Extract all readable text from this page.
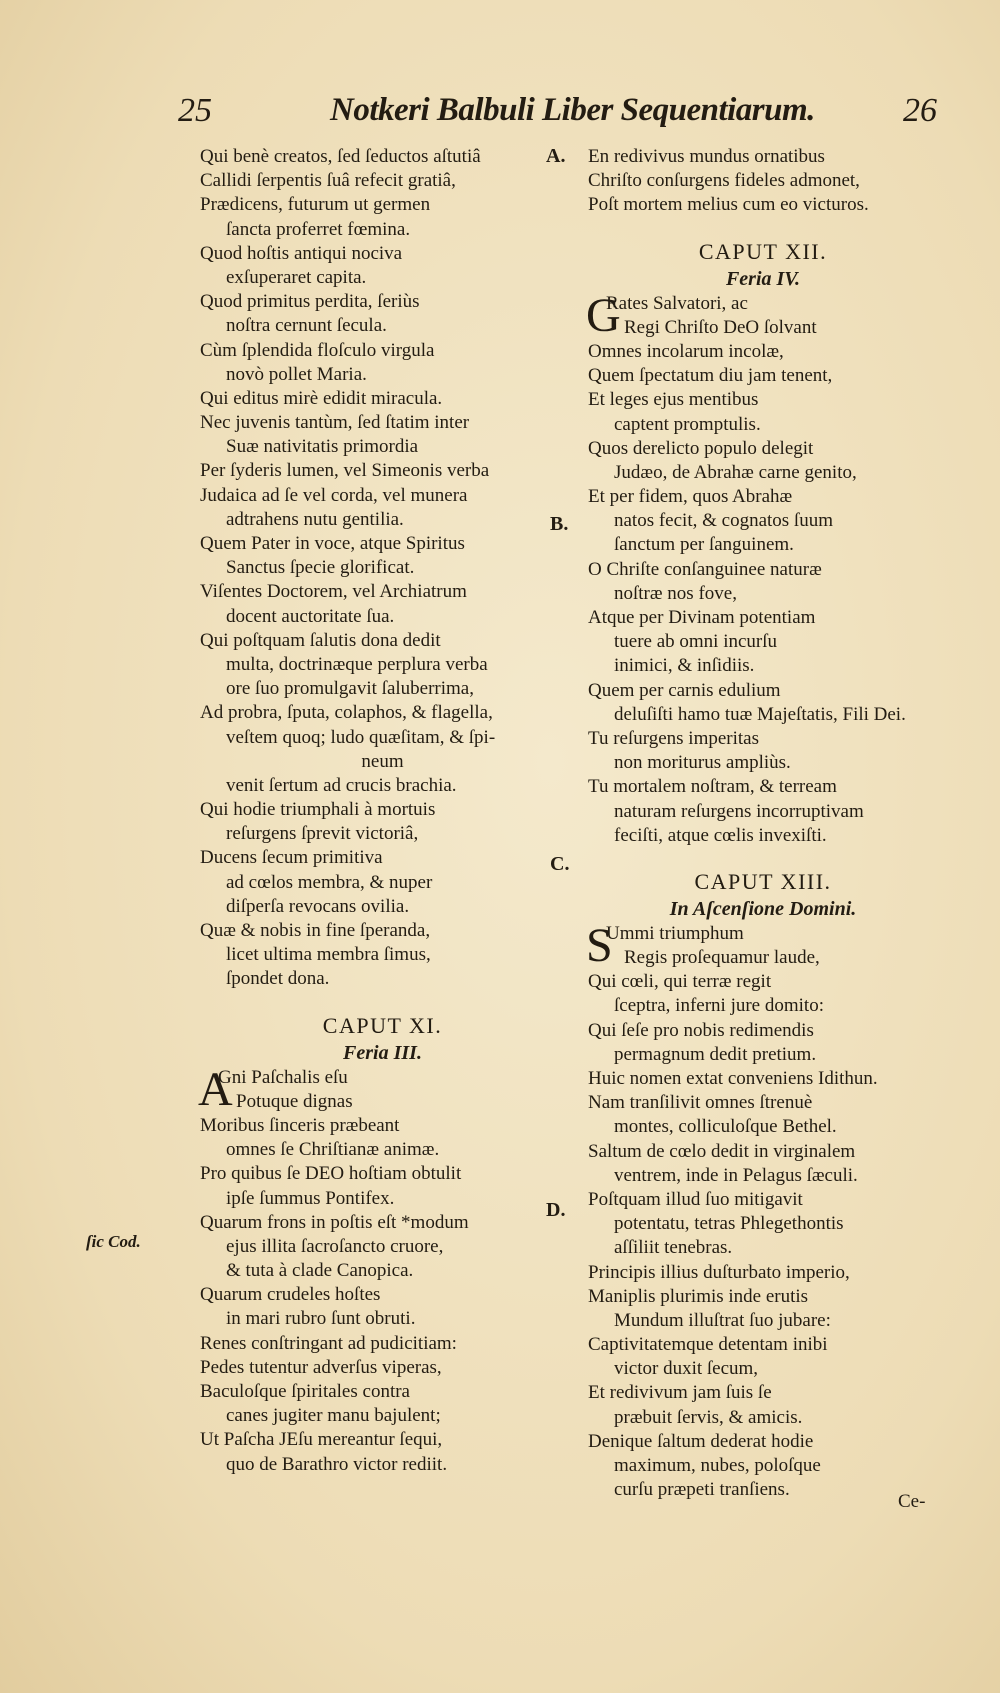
25	Notkeri Balbuli Liber Sequentiarum.	26
Qui benè creatos, ſed ſeductos aſtutiâ
Callidi ſerpentis ſuâ refecit gratiâ,
Prædicens, futurum ut germen
ſancta proferret fœmina.
Quod hoſtis antiqui nociva
exſuperaret capita.
Quod primitus perdita, ſeriùs
noſtra cernunt ſecula.
Cùm ſplendida floſculo virgula
novò pollet Maria.
Qui editus mirè edidit miracula.
Nec juvenis tantùm, ſed ſtatim inter
Suæ nativitatis primordia
Per ſyderis lumen, vel Simeonis verba
Judaica ad ſe vel corda, vel munera
adtrahens nutu gentilia.
Quem Pater in voce, atque Spiritus
Sanctus ſpecie glorificat.
Viſentes Doctorem, vel Archiatrum
docent auctoritate ſua.
Qui poſtquam ſalutis dona dedit
multa, doctrinæque perplura verba
ore ſuo promulgavit ſaluberrima,
Ad probra, ſputa, colaphos, & flagella,
veſtem quoq; ludo quæſitam, & ſpi-
neum
venit ſertum ad crucis brachia.
Qui hodie triumphali à mortuis
reſurgens ſprevit victoriâ,
Ducens ſecum primitiva
ad cœlos membra, & nuper
diſperſa revocans ovilia.
Quæ & nobis in fine ſperanda,
licet ultima membra ſimus,
ſpondet dona.
CAPUT XI.
Feria III.
A
Gni Paſchalis eſu
Potuque dignas
Moribus ſinceris præbeant
omnes ſe Chriſtianæ animæ.
Pro quibus ſe DEO hoſtiam obtulit
ipſe ſummus Pontifex.
Quarum frons in poſtis eſt *modum
ejus illita ſacroſancto cruore,
& tuta à clade Canopica.
Quarum crudeles hoſtes
in mari rubro ſunt obruti.
Renes conſtringant ad pudicitiam:
Pedes tutentur adverſus viperas,
Baculoſque ſpiritales contra
canes jugiter manu bajulent;
Ut Paſcha JEſu mereantur ſequi,
quo de Barathro victor rediit.
En redivivus mundus ornatibus
Chriſto conſurgens fideles admonet,
Poſt mortem melius cum eo victuros.
CAPUT XII.
Feria IV.
G
Rates Salvatori, ac
Regi Chriſto DeO ſolvant
Omnes incolarum incolæ,
Quem ſpectatum diu jam tenent,
Et leges ejus mentibus
captent promptulis.
Quos derelicto populo delegit
Judæo, de Abrahæ carne genito,
Et per fidem, quos Abrahæ
natos fecit, & cognatos ſuum
ſanctum per ſanguinem.
O Chriſte conſanguinee naturæ
noſtræ nos fove,
Atque per Divinam potentiam
tuere ab omni incurſu
inimici, & inſidiis.
Quem per carnis edulium
deluſiſti hamo tuæ Majeſtatis, Fili Dei.
Tu reſurgens imperitas
non moriturus ampliùs.
Tu mortalem noſtram, & terream
naturam reſurgens incorruptivam
feciſti, atque cœlis invexiſti.
CAPUT XIII.
In Aſcenſione Domini.
S
Ummi triumphum
Regis proſequamur laude,
Qui cœli, qui terræ regit
ſceptra, inferni jure domito:
Qui ſeſe pro nobis redimendis
permagnum dedit pretium.
Huic nomen extat conveniens Idithun.
Nam tranſilivit omnes ſtrenuè
montes, colliculoſque Bethel.
Saltum de cœlo dedit in virginalem
ventrem, inde in Pelagus ſæculi.
Poſtquam illud ſuo mitigavit
potentatu, tetras Phlegethontis
aſſiliit tenebras.
Principis illius duſturbato imperio,
Maniplis plurimis inde erutis
Mundum illuſtrat ſuo jubare:
Captivitatemque detentam inibi
victor duxit ſecum,
Et redivivum jam ſuis ſe
præbuit ſervis, & amicis.
Denique ſaltum dederat hodie
maximum, nubes, poloſque
curſu præpeti tranſiens.
A.
B.
C.
D.
ſic Cod.
Ce-
